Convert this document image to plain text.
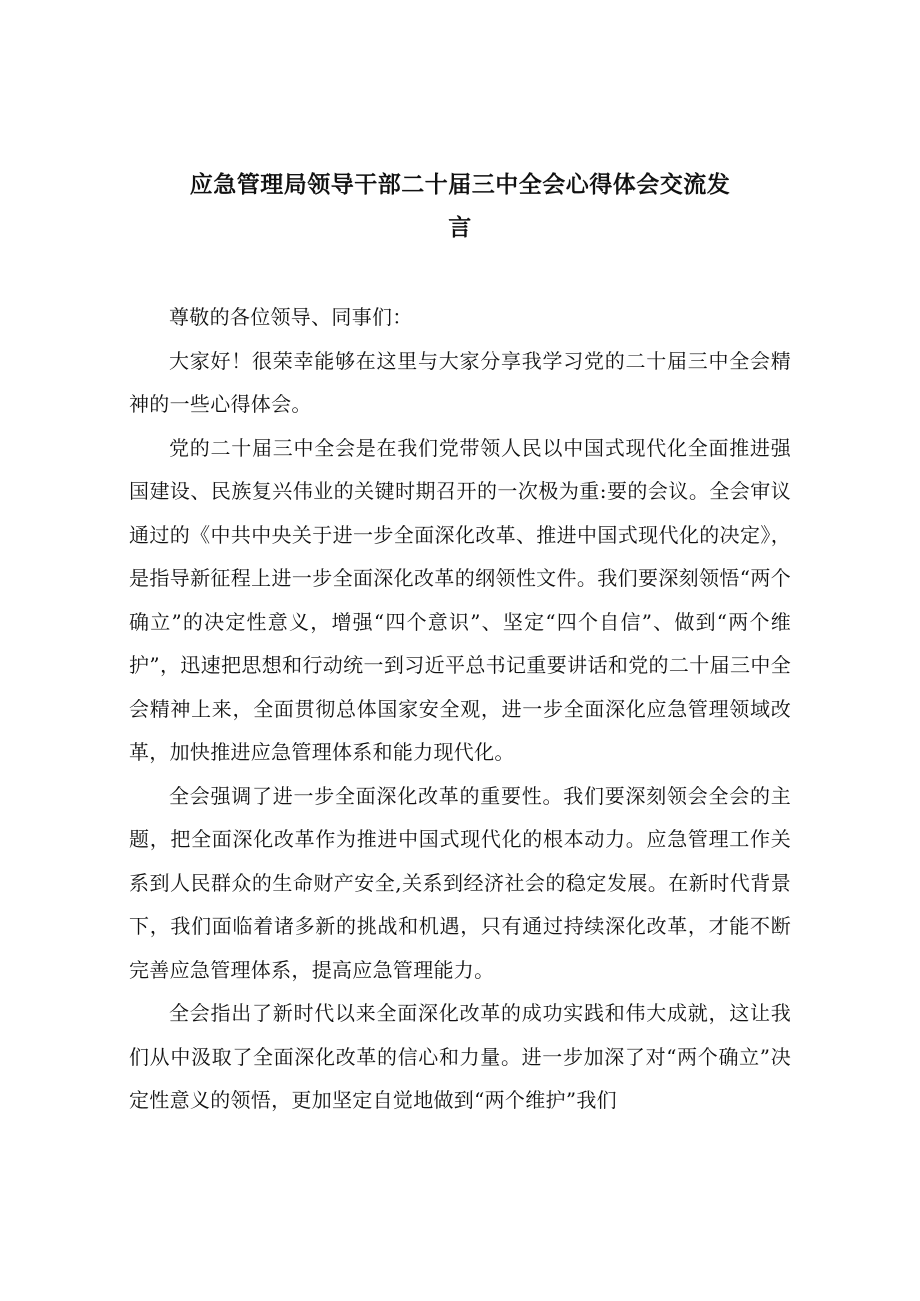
应急管理局领导干部二十届三中全会心得体会交流发
言

尊敬的各位领导、同事们：

大家好！很荣幸能够在这里与大家分享我学习党的二十届三中全会精神的一些心得体会。

党的二十届三中全会是在我们党带领人民以中国式现代化全面推进强国建设、民族复兴伟业的关键时期召开的一次极为重:要的会议。全会审议通过的《中共中央关于进一步全面深化改革、推进中国式现代化的决定》，是指导新征程上进一步全面深化改革的纲领性文件。我们要深刻领悟“两个确立”的决定性意义，增强“四个意识”、坚定“四个自信”、做到“两个维护”，迅速把思想和行动统一到习近平总书记重要讲话和党的二十届三中全会精神上来，全面贯彻总体国家安全观，进一步全面深化应急管理领域改革，加快推进应急管理体系和能力现代化。

全会强调了进一步全面深化改革的重要性。我们要深刻领会全会的主题，把全面深化改革作为推进中国式现代化的根本动力。应急管理工作关系到人民群众的生命财产安全,关系到经济社会的稳定发展。在新时代背景下，我们面临着诸多新的挑战和机遇，只有通过持续深化改革，才能不断完善应急管理体系，提高应急管理能力。

全会指出了新时代以来全面深化改革的成功实践和伟大成就，这让我们从中汲取了全面深化改革的信心和力量。进一步加深了对“两个确立”决定性意义的领悟，更加坚定自觉地做到“两个维护”我们
